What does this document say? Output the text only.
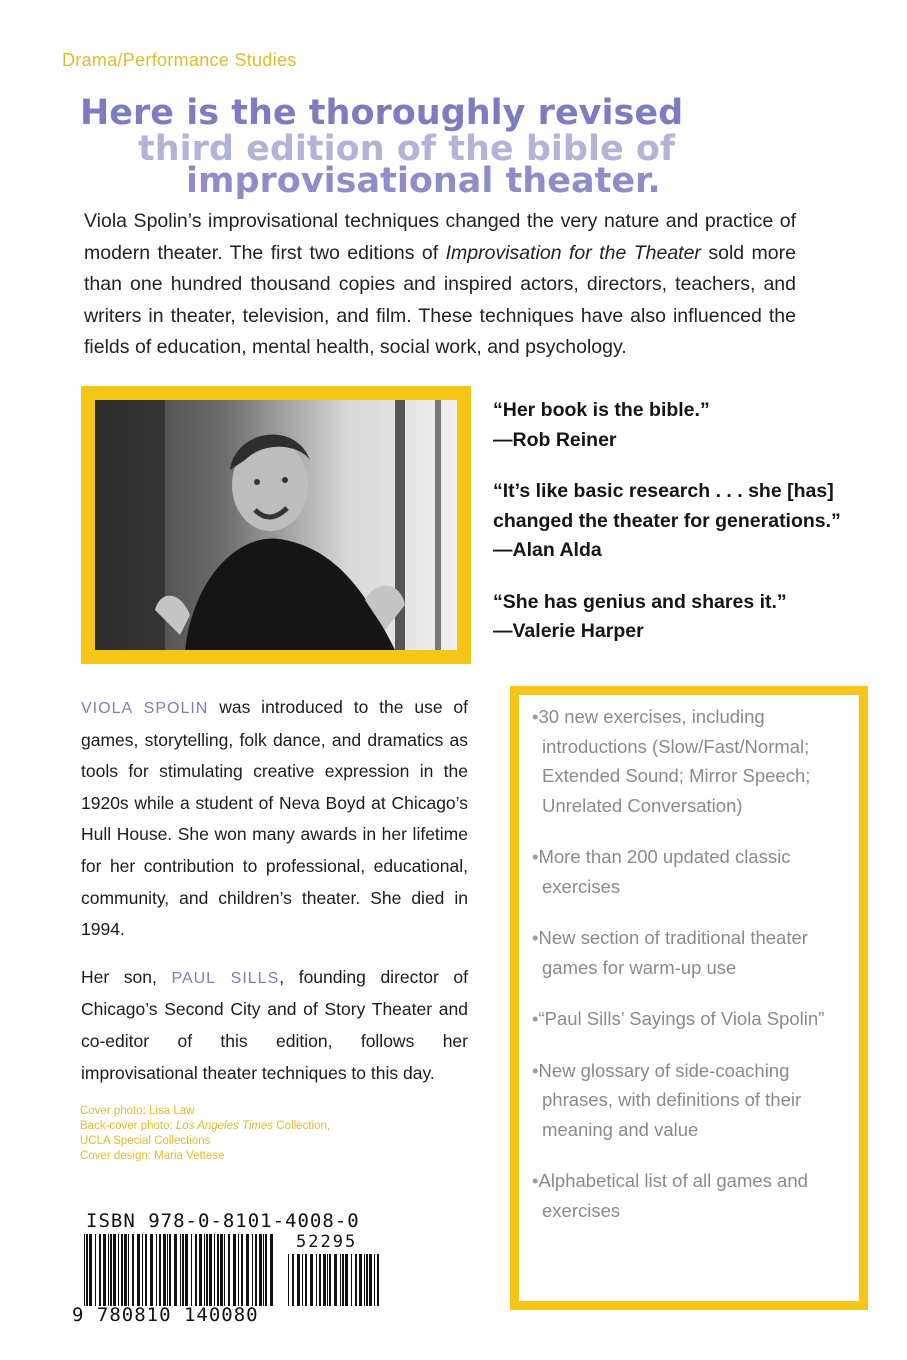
Drama/Performance Studies
Here is the thoroughly revised
third edition of the bible of
improvisational theater.
Viola Spolin’s improvisational techniques changed the very nature and practice of modern theater. The first two editions of Improvisation for the Theater sold more than one hundred thousand copies and inspired actors, directors, teachers, and writers in theater, television, and film. These techniques have also influenced the fields of education, mental health, social work, and psychology.
“Her book is the bible.”
—Rob Reiner
“It’s like basic research . . . she [has] changed the theater for generations.” —Alan Alda
“She has genius and shares it.”
—Valerie Harper

VIOLA SPOLIN was introduced to the use of games, storytelling, folk dance, and dramatics as tools for stimulating creative expression in the 1920s while a student of Neva Boyd at Chicago’s Hull House. She won many awards in her lifetime for her contribution to professional, educational, community, and children’s theater. She died in 1994.

Her son, PAUL SILLS, founding director of Chicago’s Second City and of Story Theater and co-editor of this edition, follows her improvisational theater techniques to this day.

Cover photo: Lisa Law
Back-cover photo: Los Angeles Times Collection,
UCLA Special Collections
Cover design: Maria Vettese
ISBN 978-0-8101-4008-0
52295
9 780810 140080
•30 new exercises, including introductions (Slow/Fast/Normal; Extended Sound; Mirror Speech; Unrelated Conversation)
•More than 200 updated classic exercises
•New section of traditional theater games for warm-up use
•“Paul Sills’ Sayings of Viola Spolin”
•New glossary of side-coaching phrases, with definitions of their meaning and value
•Alphabetical list of all games and exercises
